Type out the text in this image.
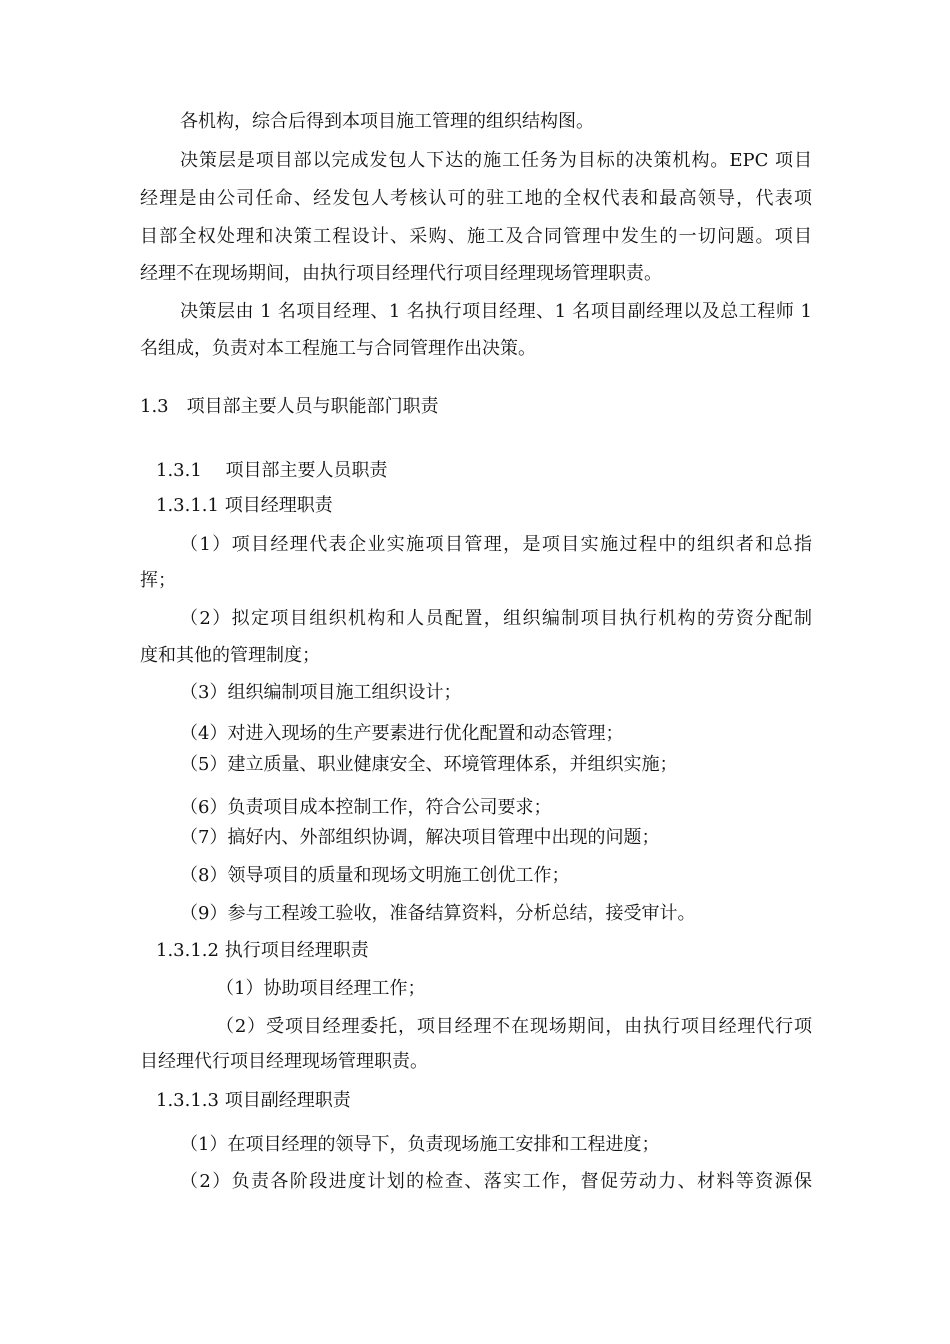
各机构，综合后得到本项目施工管理的组织结构图。

决策层是项目部以完成发包人下达的施工任务为目标的决策机构。EPC 项目

经理是由公司任命、经发包人考核认可的驻工地的全权代表和最高领导，代表项

目部全权处理和决策工程设计、采购、施工及合同管理中发生的一切问题。项目

经理不在现场期间，由执行项目经理代行项目经理现场管理职责。

决策层由 1 名项目经理、1 名执行项目经理、1 名项目副经理以及总工程师 1

名组成，负责对本工程施工与合同管理作出决策。

1.3　项目部主要人员与职能部门职责

1.3.1　 项目部主要人员职责

1.3.1.1 项目经理职责

（1）项目经理代表企业实施项目管理，是项目实施过程中的组织者和总指

挥；

（2）拟定项目组织机构和人员配置，组织编制项目执行机构的劳资分配制

度和其他的管理制度；

（3）组织编制项目施工组织设计；

（4）对进入现场的生产要素进行优化配置和动态管理；

（5）建立质量、职业健康安全、环境管理体系，并组织实施；

（6）负责项目成本控制工作，符合公司要求；

（7）搞好内、外部组织协调，解决项目管理中出现的问题；

（8）领导项目的质量和现场文明施工创优工作；

（9）参与工程竣工验收，准备结算资料，分析总结，接受审计。

1.3.1.2 执行项目经理职责

（1）协助项目经理工作；

（2）受项目经理委托，项目经理不在现场期间，由执行项目经理代行项

目经理代行项目经理现场管理职责。

1.3.1.3 项目副经理职责

（1）在项目经理的领导下，负责现场施工安排和工程进度；

（2）负责各阶段进度计划的检查、落实工作，督促劳动力、材料等资源保
